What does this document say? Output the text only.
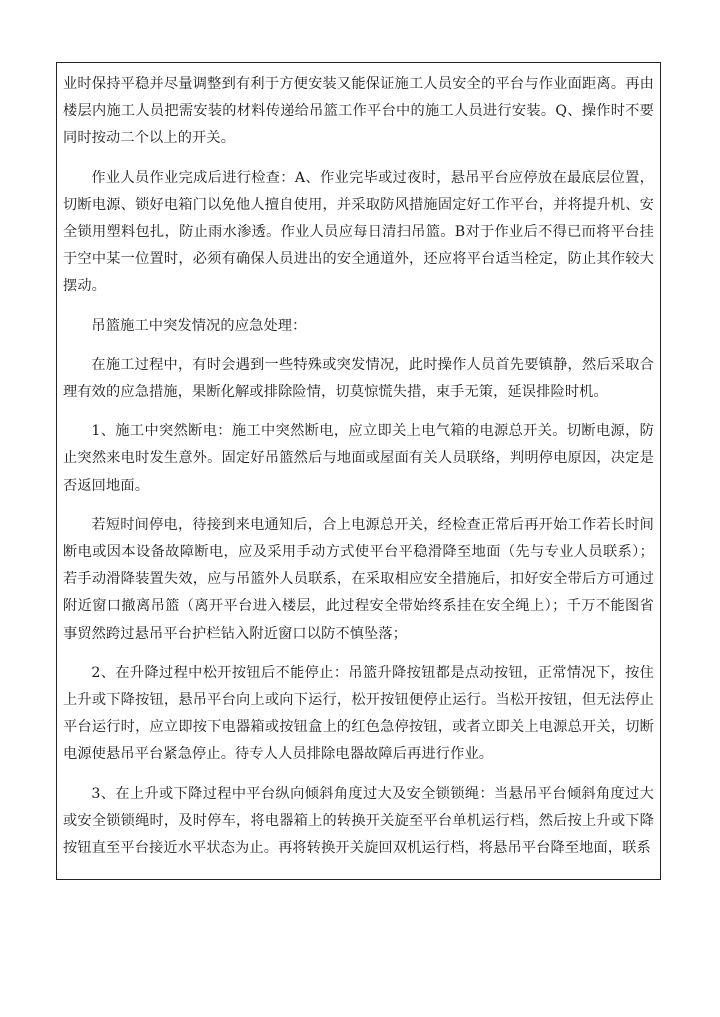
业时保持平稳并尽量调整到有利于方便安装又能保证施工人员安全的平台与作业面距离。再由楼层内施工人员把需安装的材料传递给吊篮工作平台中的施工人员进行安装。Q、操作时不要同时按动二个以上的开关。

作业人员作业完成后进行检查：A、作业完毕或过夜时，悬吊平台应停放在最底层位置，切断电源、锁好电箱门以免他人擅自使用，并采取防风措施固定好工作平台，并将提升机、安全锁用塑料包扎，防止雨水渗透。作业人员应每日清扫吊篮。B对于作业后不得已而将平台挂于空中某一位置时，必须有确保人员进出的安全通道外，还应将平台适当栓定，防止其作较大摆动。

吊篮施工中突发情况的应急处理：

在施工过程中，有时会遇到一些特殊或突发情况，此时操作人员首先要镇静，然后采取合理有效的应急措施，果断化解或排除险情，切莫惊慌失措，束手无策，延误排险时机。

1、施工中突然断电：施工中突然断电，应立即关上电气箱的电源总开关。切断电源，防止突然来电时发生意外。固定好吊篮然后与地面或屋面有关人员联络，判明停电原因，决定是否返回地面。

若短时间停电，待接到来电通知后，合上电源总开关，经检查正常后再开始工作若长时间断电或因本设备故障断电，应及采用手动方式使平台平稳滑降至地面（先与专业人员联系）；若手动滑降装置失效，应与吊篮外人员联系，在采取相应安全措施后，扣好安全带后方可通过附近窗口撤离吊篮（离开平台进入楼层，此过程安全带始终系挂在安全绳上）；千万不能图省事贸然跨过悬吊平台护栏钻入附近窗口以防不慎坠落；

2、在升降过程中松开按钮后不能停止：吊篮升降按钮都是点动按钮，正常情况下，按住上升或下降按钮，悬吊平台向上或向下运行，松开按钮便停止运行。当松开按钮，但无法停止平台运行时，应立即按下电器箱或按钮盒上的红色急停按钮，或者立即关上电源总开关，切断电源使悬吊平台紧急停止。待专人人员排除电器故障后再进行作业。

3、在上升或下降过程中平台纵向倾斜角度过大及安全锁锁绳：当悬吊平台倾斜角度过大或安全锁锁绳时，及时停车，将电器箱上的转换开关旋至平台单机运行档，然后按上升或下降按钮直至平台接近水平状态为止。再将转换开关旋回双机运行档，将悬吊平台降至地面，联系
